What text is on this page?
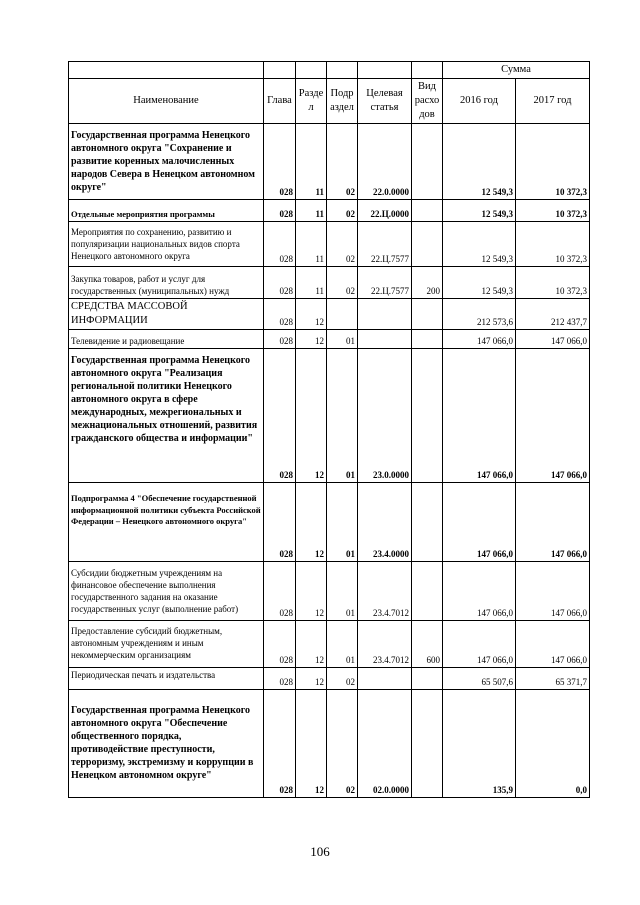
						Сумма	
Наименование	Глава	Разде л	Подр аздел	Целевая статья	Вид расхо дов	2016 год	2017 год
Государственная программа Ненецкого автономного округа "Сохранение и развитие коренных малочисленных народов Севера в Ненецком автономном округе"	028	11	02	22.0.0000		12 549,3	10 372,3
Отдельные мероприятия программы	028	11	02	22.Ц.0000		12 549,3	10 372,3
Мероприятия по сохранению, развитию и популяризации национальных видов спорта Ненецкого автономного округа	028	11	02	22.Ц.7577		12 549,3	10 372,3
Закупка товаров, работ и услуг для государственных (муниципальных) нужд	028	11	02	22.Ц.7577	200	12 549,3	10 372,3
СРЕДСТВА МАССОВОЙ ИНФОРМАЦИИ	028	12				212 573,6	212 437,7
Телевидение и радиовещание	028	12	01			147 066,0	147 066,0
Государственная программа Ненецкого автономного округа "Реализация региональной политики Ненецкого автономного округа в сфере международных, межрегиональных и межнациональных отношений, развития гражданского общества и информации"	028	12	01	23.0.0000		147 066,0	147 066,0
Подпрограмма 4 "Обеспечение государственной информационной политики субъекта Российской Федерации – Ненецкого автономного округа"	028	12	01	23.4.0000		147 066,0	147 066,0
Субсидии бюджетным учреждениям на финансовое обеспечение выполнения государственного задания на оказание государственных услуг (выполнение работ)	028	12	01	23.4.7012		147 066,0	147 066,0
Предоставление субсидий бюджетным, автономным учреждениям и иным некоммерческим организациям	028	12	01	23.4.7012	600	147 066,0	147 066,0
Периодическая печать и издательства	028	12	02			65 507,6	65 371,7
Государственная программа Ненецкого автономного округа "Обеспечение общественного порядка, противодействие преступности, терроризму, экстремизму и коррупции в Ненецком автономном округе"	028	12	02	02.0.0000		135,9	0,0
106
